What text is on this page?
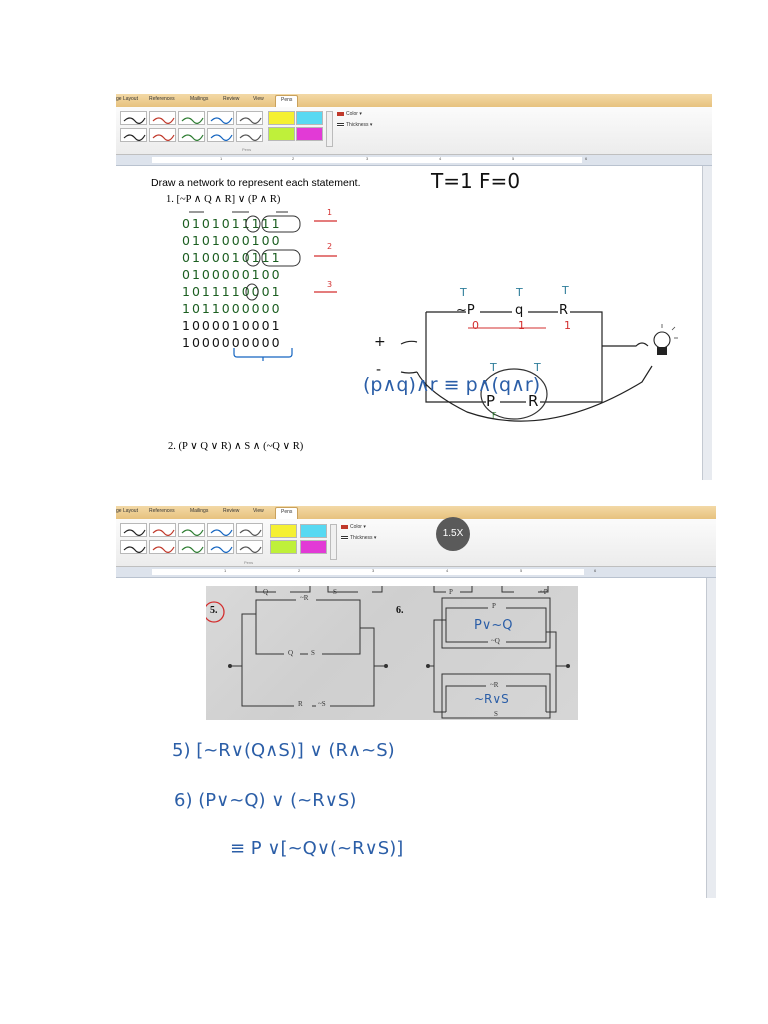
ge Layout References	Mailings	Review	View	Pens
Color ▾
Thickness ▾
Pens
1	2	3	4	5	6
Draw a network to represent each statement.
1. [~P ∧ Q ∧ R] ∨ (P ∧ R)
2. (P ∨ Q ∨ R) ∧ S ∧ (~Q ∨ R)
T=1 F=0
0101011111
0101000100
0100010111
0100000100
1011110001
1011000000
1000010001
1000000000
1
2
3
T	T	T
~P	q	R
0	1	1
T	T
P R
F
+
-
(p∧q)∧r ≡ p∧(q∧r)
ge Layout References	Mailings	Review	View	Pens
Color ▾
Thickness ▾
Pens
1	2	3	4	5	6
5.
Q	S
~R
Q	S
R ~S
6.
P	~P
P
~Q
~R
S
P∨~Q
~R∨S
5) [~R∨(Q∧S)] ∨ (R∧~S)
6) (P∨~Q) ∨ (~R∨S)
≡ P ∨[~Q∨(~R∨S)]
1.5X
